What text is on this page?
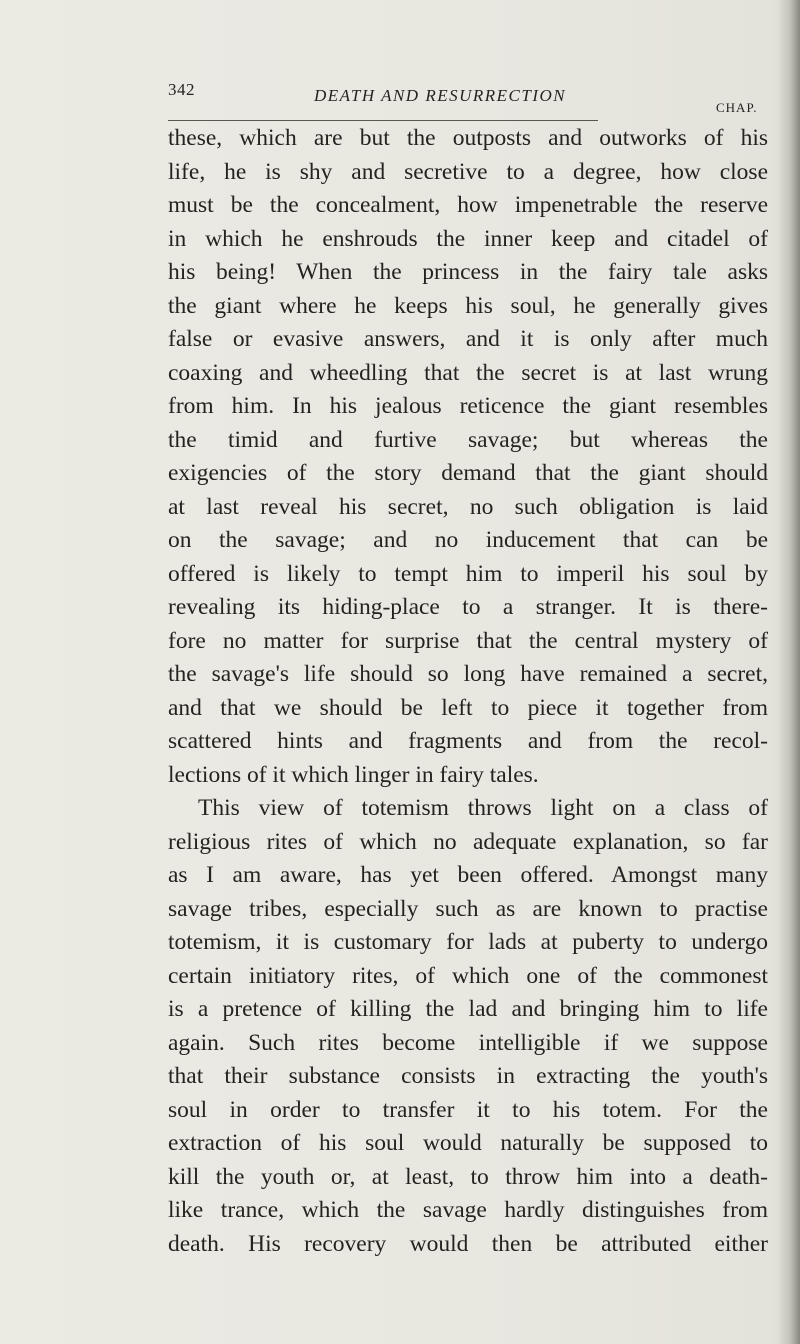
342	DEATH AND RESURRECTION
CHAP.
these, which are but the outposts and outworks of his
life, he is shy and secretive to a degree, how close
must be the concealment, how impenetrable the reserve
in which he enshrouds the inner keep and citadel of
his being! When the princess in the fairy tale asks
the giant where he keeps his soul, he generally gives
false or evasive answers, and it is only after much
coaxing and wheedling that the secret is at last wrung
from him. In his jealous reticence the giant resembles
the timid and furtive savage; but whereas the
exigencies of the story demand that the giant should
at last reveal his secret, no such obligation is laid
on the savage; and no inducement that can be
offered is likely to tempt him to imperil his soul by
revealing its hiding-place to a stranger. It is there-
fore no matter for surprise that the central mystery of
the savage's life should so long have remained a secret,
and that we should be left to piece it together from
scattered hints and fragments and from the recol-
lections of it which linger in fairy tales.
This view of totemism throws light on a class of
religious rites of which no adequate explanation, so far
as I am aware, has yet been offered. Amongst many
savage tribes, especially such as are known to practise
totemism, it is customary for lads at puberty to undergo
certain initiatory rites, of which one of the commonest
is a pretence of killing the lad and bringing him to life
again. Such rites become intelligible if we suppose
that their substance consists in extracting the youth's
soul in order to transfer it to his totem. For the
extraction of his soul would naturally be supposed to
kill the youth or, at least, to throw him into a death-
like trance, which the savage hardly distinguishes from
death. His recovery would then be attributed either
